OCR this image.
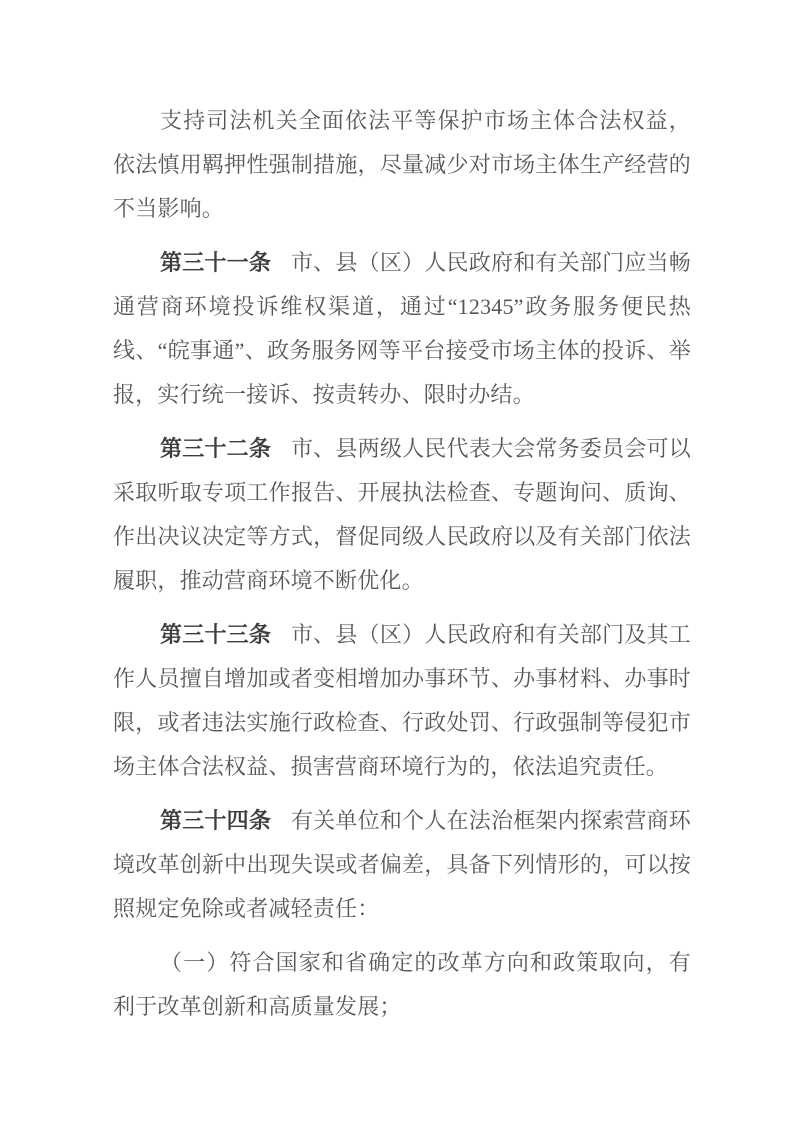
支持司法机关全面依法平等保护市场主体合法权益，依法慎用羁押性强制措施，尽量减少对市场主体生产经营的不当影响。

第三十一条 市、县（区）人民政府和有关部门应当畅通营商环境投诉维权渠道，通过“12345”政务服务便民热线、“皖事通”、政务服务网等平台接受市场主体的投诉、举报，实行统一接诉、按责转办、限时办结。

第三十二条 市、县两级人民代表大会常务委员会可以采取听取专项工作报告、开展执法检查、专题询问、质询、作出决议决定等方式，督促同级人民政府以及有关部门依法履职，推动营商环境不断优化。

第三十三条 市、县（区）人民政府和有关部门及其工作人员擅自增加或者变相增加办事环节、办事材料、办事时限，或者违法实施行政检查、行政处罚、行政强制等侵犯市场主体合法权益、损害营商环境行为的，依法追究责任。

第三十四条 有关单位和个人在法治框架内探索营商环境改革创新中出现失误或者偏差，具备下列情形的，可以按照规定免除或者减轻责任：

（一）符合国家和省确定的改革方向和政策取向，有利于改革创新和高质量发展；
